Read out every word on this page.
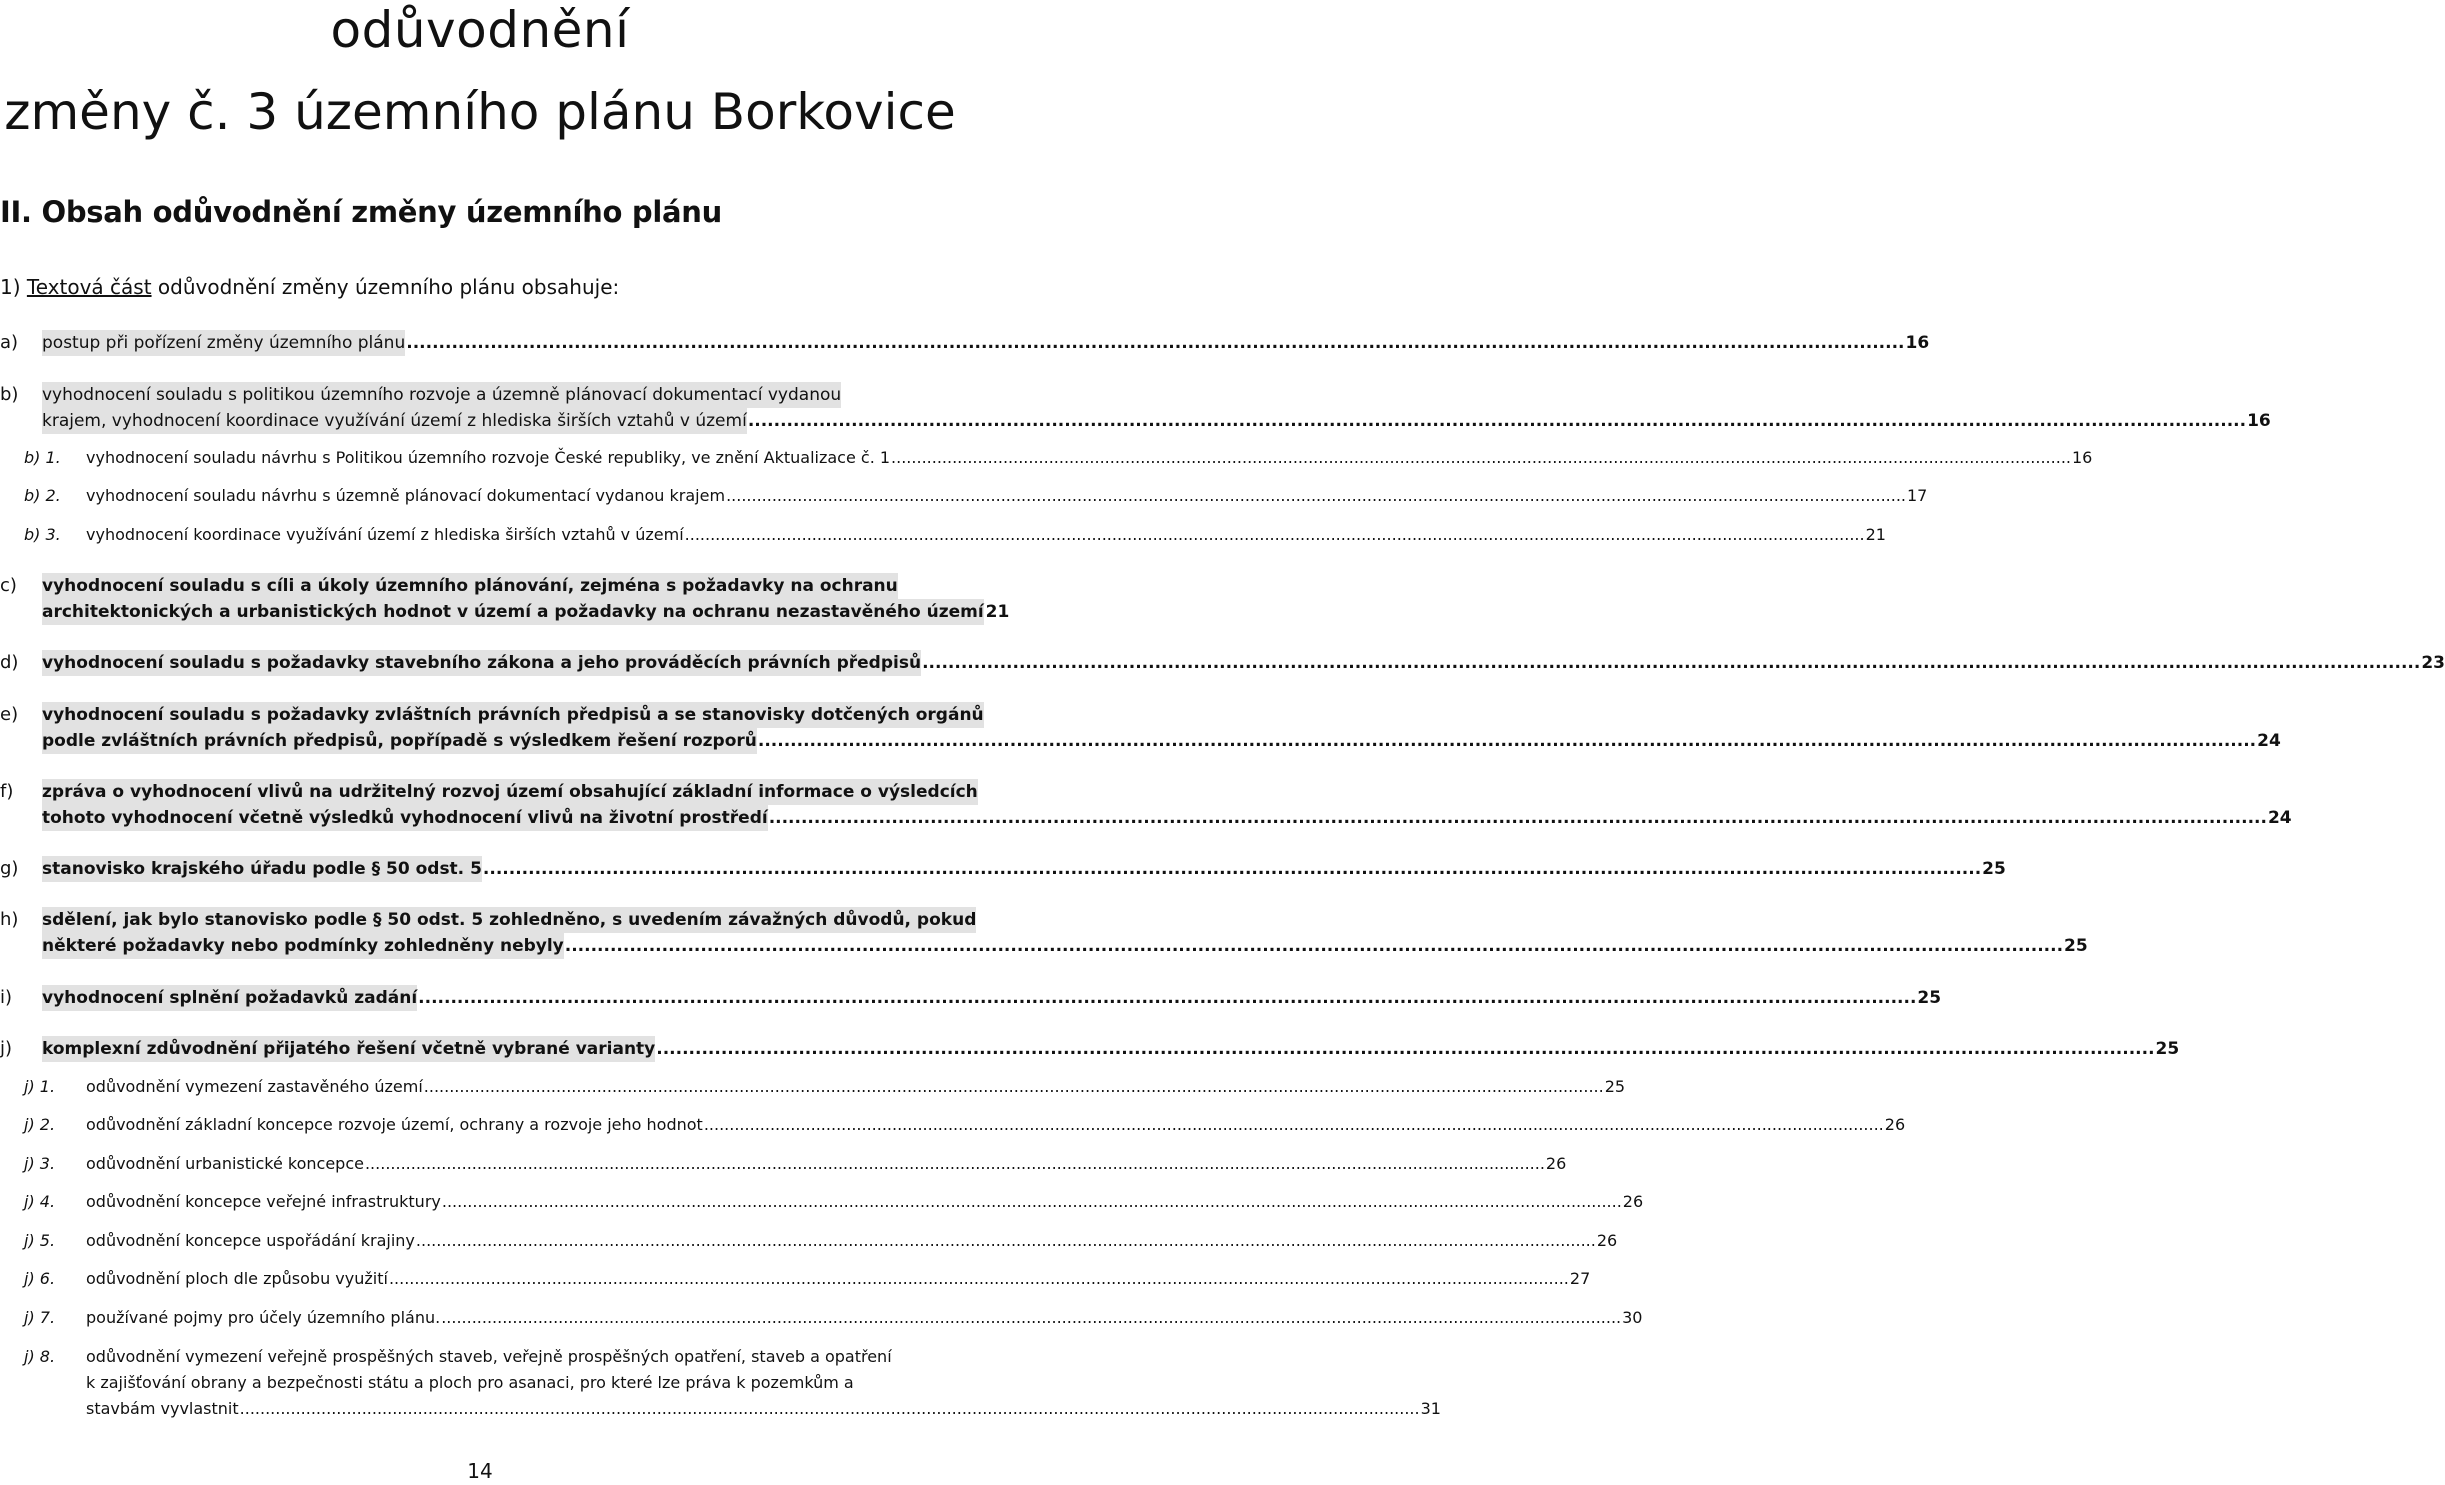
odůvodnění
změny č. 3 územního plánu Borkovice
II. Obsah odůvodnění změny územního plánu
1) Textová část odůvodnění změny územního plánu obsahuje:
a) postup při pořízení změny územního plánu .....	16
b) vyhodnocení souladu s politikou územního rozvoje a územně plánovací dokumentací vydanou
krajem, vyhodnocení koordinace využívání území z hlediska širších vztahů v území .....	16
b) 1. vyhodnocení souladu návrhu s Politikou územního rozvoje České republiky, ve znění Aktualizace č. 1 .....	16
b) 2. vyhodnocení souladu návrhu s územně plánovací dokumentací vydanou krajem .....	17
b) 3. vyhodnocení koordinace využívání území z hlediska širších vztahů v území .....	21
c) vyhodnocení souladu s cíli a úkoly územního plánování, zejména s požadavky na ochranu
architektonických a urbanistických hodnot v území a požadavky na ochranu nezastavěného území 21
d) vyhodnocení souladu s požadavky stavebního zákona a jeho prováděcích právních předpisů .....	23
e) vyhodnocení souladu s požadavky zvláštních právních předpisů a se stanovisky dotčených orgánů
podle zvláštních právních předpisů, popřípadě s výsledkem řešení rozporů .....	24
f) zpráva o vyhodnocení vlivů na udržitelný rozvoj území obsahující základní informace o výsledcích
tohoto vyhodnocení včetně výsledků vyhodnocení vlivů na životní prostředí .....	24
g) stanovisko krajského úřadu podle § 50 odst. 5 .....	25
h) sdělení, jak bylo stanovisko podle § 50 odst. 5 zohledněno, s uvedením závažných důvodů, pokud
některé požadavky nebo podmínky zohledněny nebyly .....	25
i) vyhodnocení splnění požadavků zadání .....	25
j) komplexní zdůvodnění přijatého řešení včetně vybrané varianty .....	25
j) 1. odůvodnění vymezení zastavěného území .....	25
j) 2. odůvodnění základní koncepce rozvoje území, ochrany a rozvoje jeho hodnot .....	26
j) 3. odůvodnění urbanistické koncepce .....	26
j) 4. odůvodnění koncepce veřejné infrastruktury .....	26
j) 5. odůvodnění koncepce uspořádání krajiny .....	26
j) 6. odůvodnění ploch dle způsobu využití .....	27
j) 7. používané pojmy pro účely územního plánu. .....	30
j) 8. odůvodnění vymezení veřejně prospěšných staveb, veřejně prospěšných opatření, staveb a opatření
k zajišťování obrany a bezpečnosti státu a ploch pro asanaci, pro které lze práva k pozemkům a
stavbám vyvlastnit .....	31
14
